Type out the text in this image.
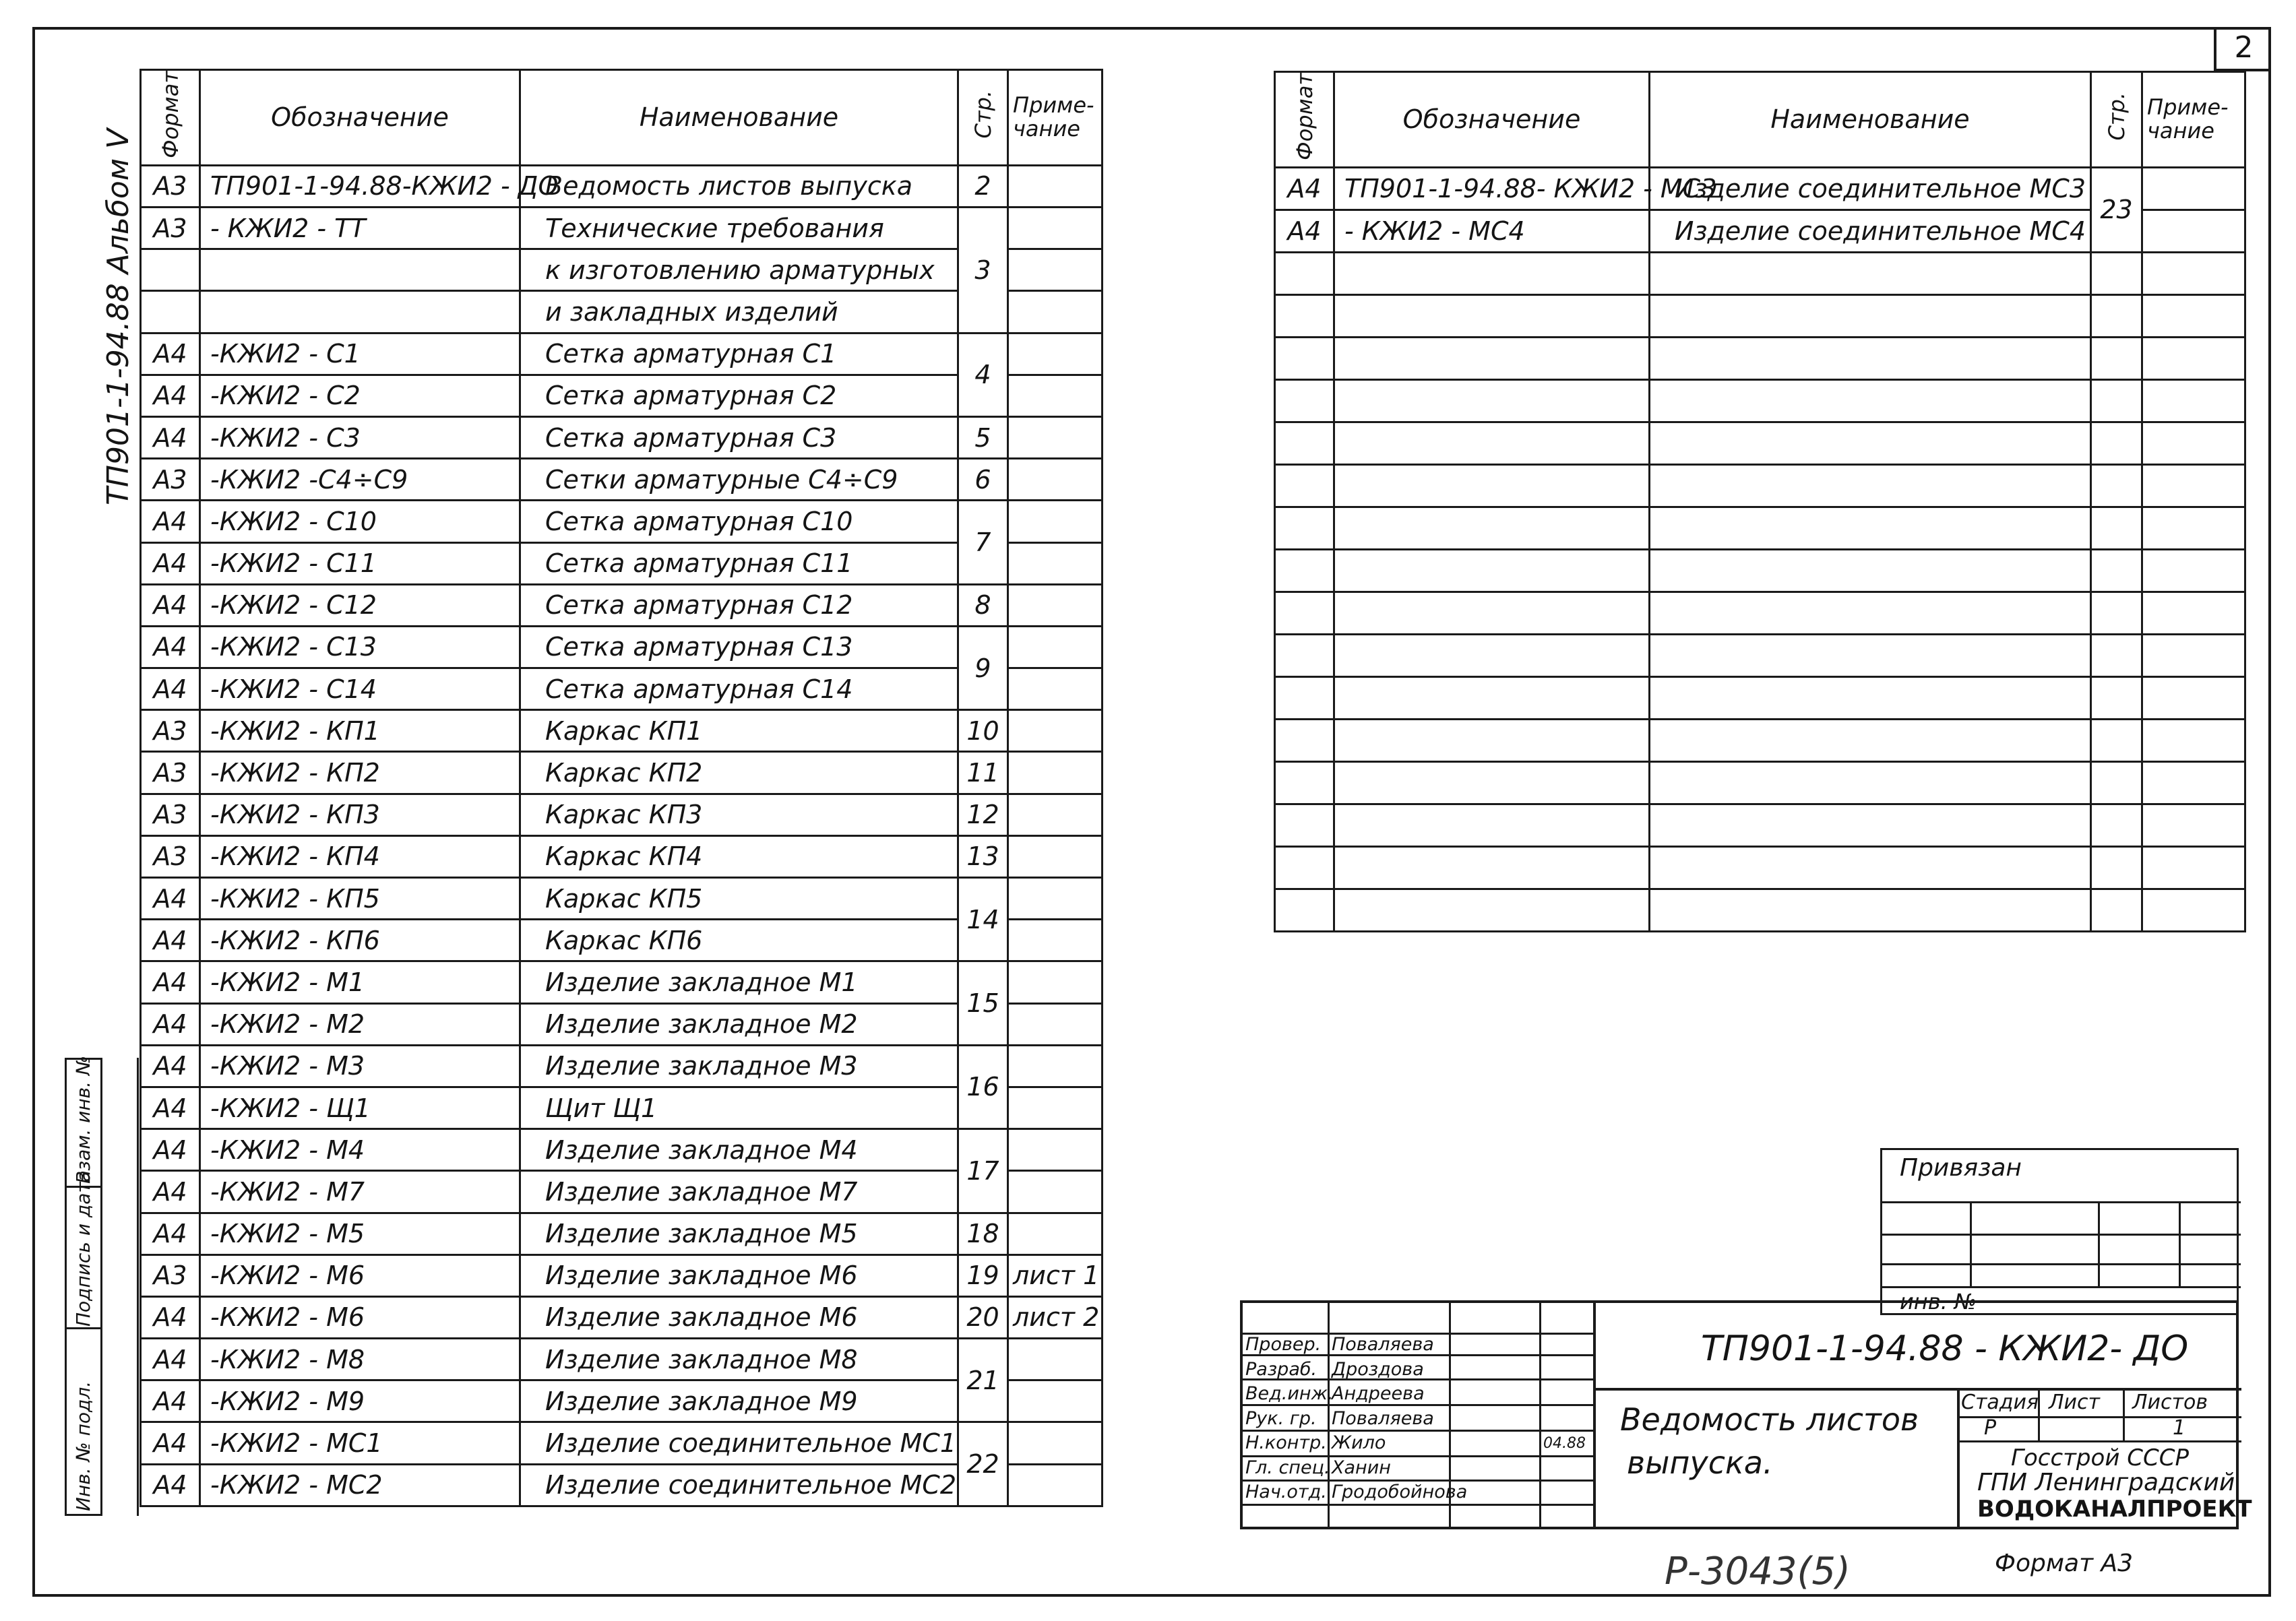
2
ТП901-1-94.88 Альбом V
Формат	Обозначение	Наименование	Стр.	Приме-
чание
А3	ТП901-1-94.88-КЖИ2 - ДО	Ведомость листов выпуска	2	
А3	- КЖИ2 - ТТ	Технические требования	3	
		к изготовлению арматурных		
		и закладных изделий		
А4	-КЖИ2 - С1	Сетка арматурная С1	4	
А4	-КЖИ2 - С2	Сетка арматурная С2		
А4	-КЖИ2 - С3	Сетка арматурная С3	5	
А3	-КЖИ2 -С4÷С9	Сетки арматурные С4÷С9	6	
А4	-КЖИ2 - С10	Сетка арматурная С10	7	
А4	-КЖИ2 - С11	Сетка арматурная С11		
А4	-КЖИ2 - С12	Сетка арматурная С12	8	
А4	-КЖИ2 - С13	Сетка арматурная С13	9	
А4	-КЖИ2 - С14	Сетка арматурная С14		
А3	-КЖИ2 - КП1	Каркас КП1	10	
А3	-КЖИ2 - КП2	Каркас КП2	11	
А3	-КЖИ2 - КП3	Каркас КП3	12	
А3	-КЖИ2 - КП4	Каркас КП4	13	
А4	-КЖИ2 - КП5	Каркас КП5	14	
А4	-КЖИ2 - КП6	Каркас КП6		
А4	-КЖИ2 - М1	Изделие закладное М1	15	
А4	-КЖИ2 - М2	Изделие закладное М2		
А4	-КЖИ2 - М3	Изделие закладное М3	16	
А4	-КЖИ2 - Щ1	Щит Щ1		
А4	-КЖИ2 - М4	Изделие закладное М4	17	
А4	-КЖИ2 - М7	Изделие закладное М7		
А4	-КЖИ2 - М5	Изделие закладное М5	18	
А3	-КЖИ2 - М6	Изделие закладное М6	19	лист 1
А4	-КЖИ2 - М6	Изделие закладное М6	20	лист 2
А4	-КЖИ2 - М8	Изделие закладное М8	21	
А4	-КЖИ2 - М9	Изделие закладное М9		
А4	-КЖИ2 - МС1	Изделие соединительное МС1	22	
А4	-КЖИ2 - МС2	Изделие соединительное МС2		
Формат	Обозначение	Наименование	Стр.	Приме-
чание
А4	ТП901-1-94.88- КЖИ2 - МС3	Изделие соединительное МС3	23	
А4	- КЖИ2 - МС4	Изделие соединительное МС4		

Взам. инв. №
Подпись и дата
Инв. № подл.
Привязан
инв. №
Провер. Поваляева
Разраб. Дроздова
Вед.инж.
Андреева
Рук. гр. Поваляева
Н.контр. Жило
Гл. спец. Ханин
Нач.отд. Гродобойнова
04.88
ТП901-1-94.88 - КЖИ2- ДО
Ведомость листов
выпуска.
Стадия Лист Листов
Р	1
Госстрой СССР
ГПИ Ленинградский
ВОДОКАНАЛПРОЕКТ
Формат А3
Р-3043(5)
